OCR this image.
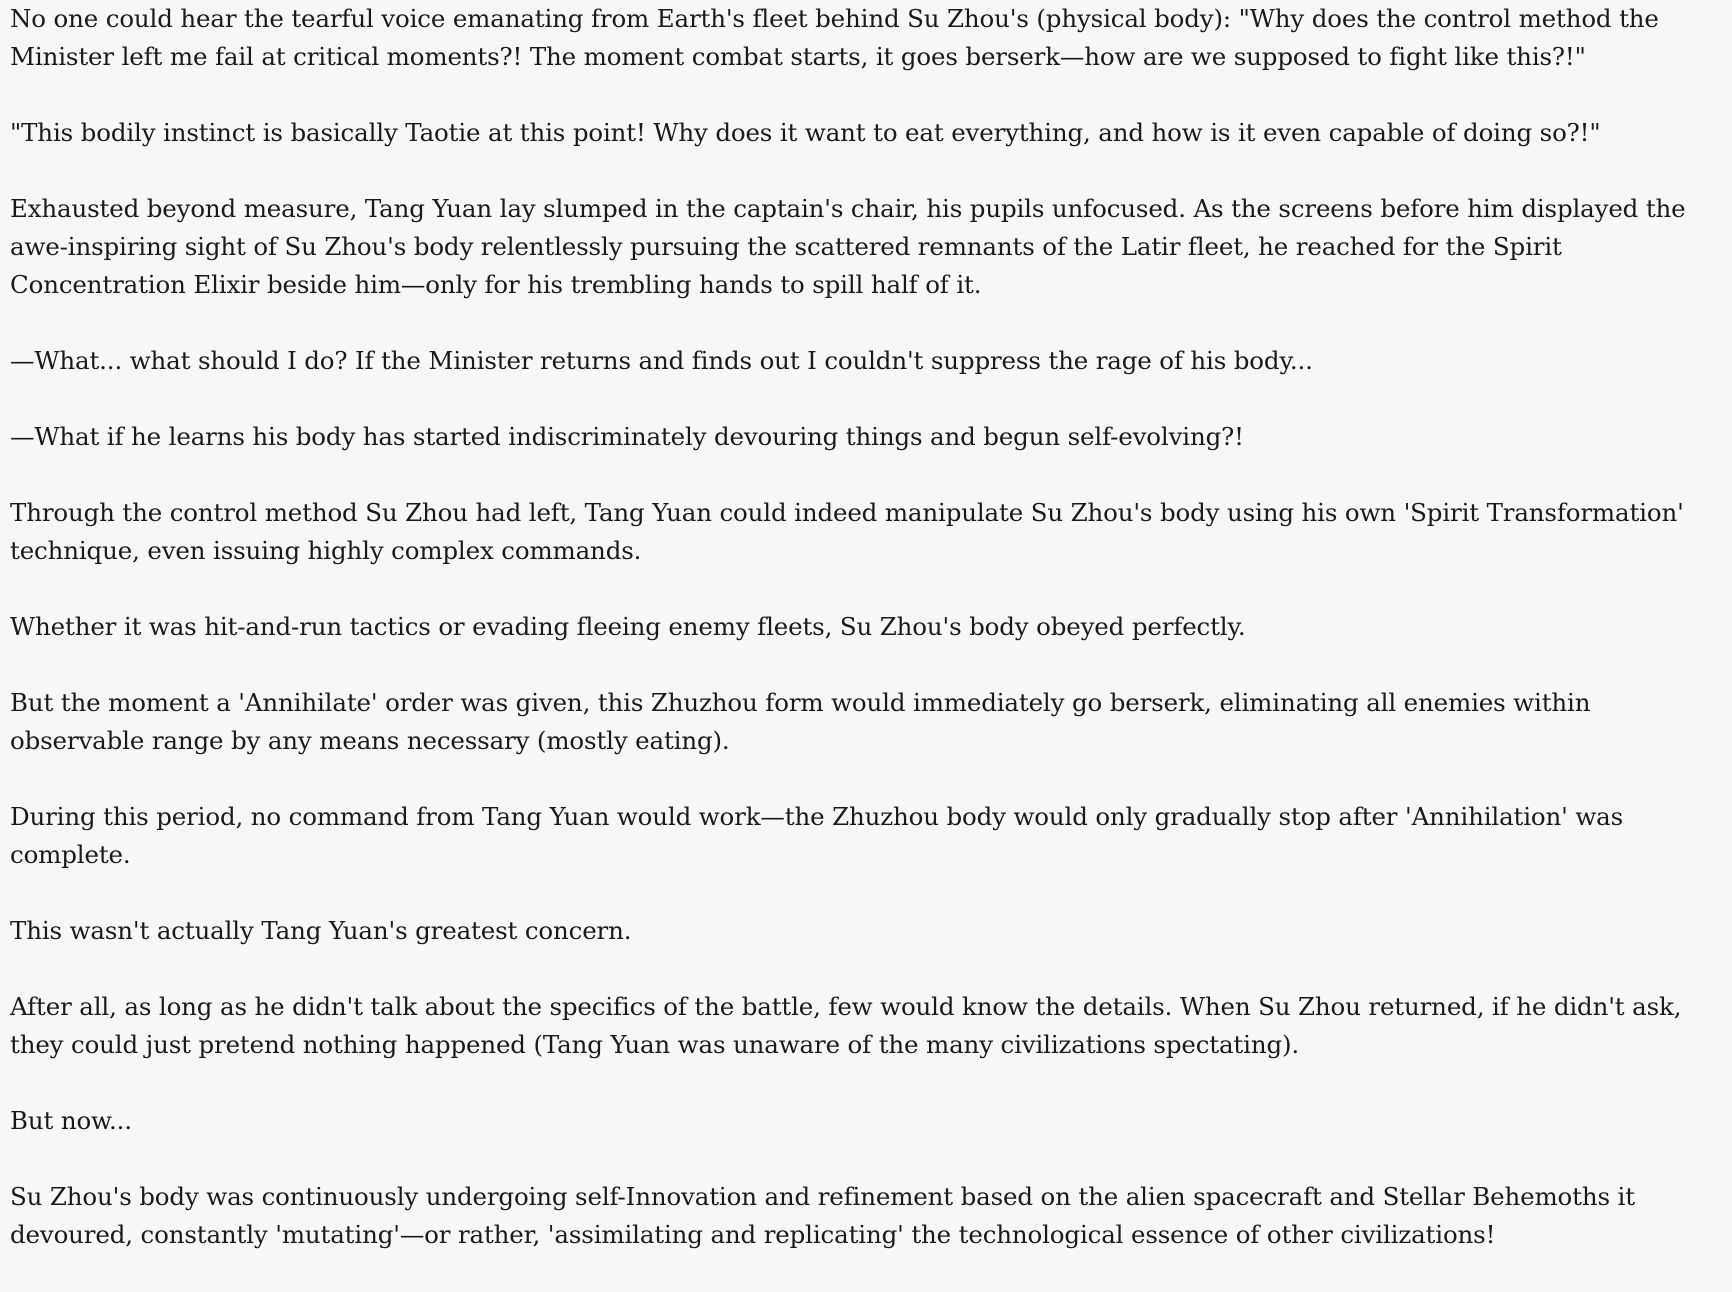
No one could hear the tearful voice emanating from Earth's fleet behind Su Zhou's (physical body): "Why does the control method the Minister left me fail at critical moments?! The moment combat starts, it goes berserk—how are we supposed to fight like this?!"

"This bodily instinct is basically Taotie at this point! Why does it want to eat everything, and how is it even capable of doing so?!"

Exhausted beyond measure, Tang Yuan lay slumped in the captain's chair, his pupils unfocused. As the screens before him displayed the awe-inspiring sight of Su Zhou's body relentlessly pursuing the scattered remnants of the Latir fleet, he reached for the Spirit Concentration Elixir beside him—only for his trembling hands to spill half of it.

—What... what should I do? If the Minister returns and finds out I couldn't suppress the rage of his body...

—What if he learns his body has started indiscriminately devouring things and begun self-evolving?!

Through the control method Su Zhou had left, Tang Yuan could indeed manipulate Su Zhou's body using his own 'Spirit Transformation' technique, even issuing highly complex commands.

Whether it was hit-and-run tactics or evading fleeing enemy fleets, Su Zhou's body obeyed perfectly.

But the moment a 'Annihilate' order was given, this Zhuzhou form would immediately go berserk, eliminating all enemies within observable range by any means necessary (mostly eating).

During this period, no command from Tang Yuan would work—the Zhuzhou body would only gradually stop after 'Annihilation' was complete.

This wasn't actually Tang Yuan's greatest concern.

After all, as long as he didn't talk about the specifics of the battle, few would know the details. When Su Zhou returned, if he didn't ask, they could just pretend nothing happened (Tang Yuan was unaware of the many civilizations spectating).

But now...

Su Zhou's body was continuously undergoing self-Innovation and refinement based on the alien spacecraft and Stellar Behemoths it devoured, constantly 'mutating'—or rather, 'assimilating and replicating' the technological essence of other civilizations!
